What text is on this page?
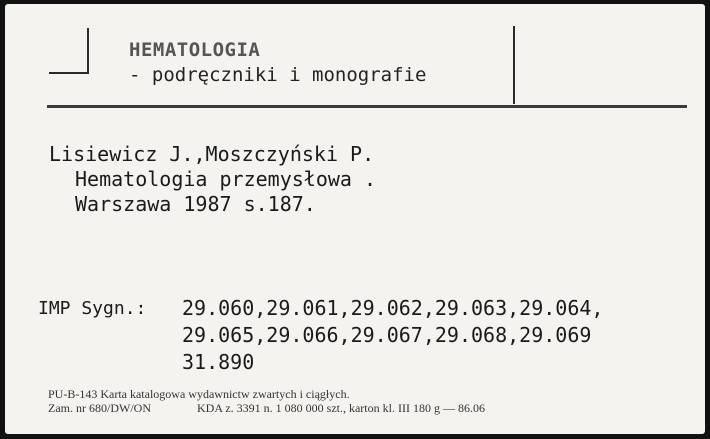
HEMATOLOGIA
- podręczniki i monografie
Lisiewicz J.,Moszczyński P.
Hematologia przemysłowa .
Warszawa 1987 s.187.
IMP Sygn.: 29.060,29.061,29.062,29.063,29.064,
29.065,29.066,29.067,29.068,29.069
31.890
PU-B-143 Karta katalogowa wydawnictw zwartych i ciągłych.
Zam. nr 680/DW/ON	KDA z. 3391 n. 1 080 000 szt., karton kl. III 180 g — 86.06
